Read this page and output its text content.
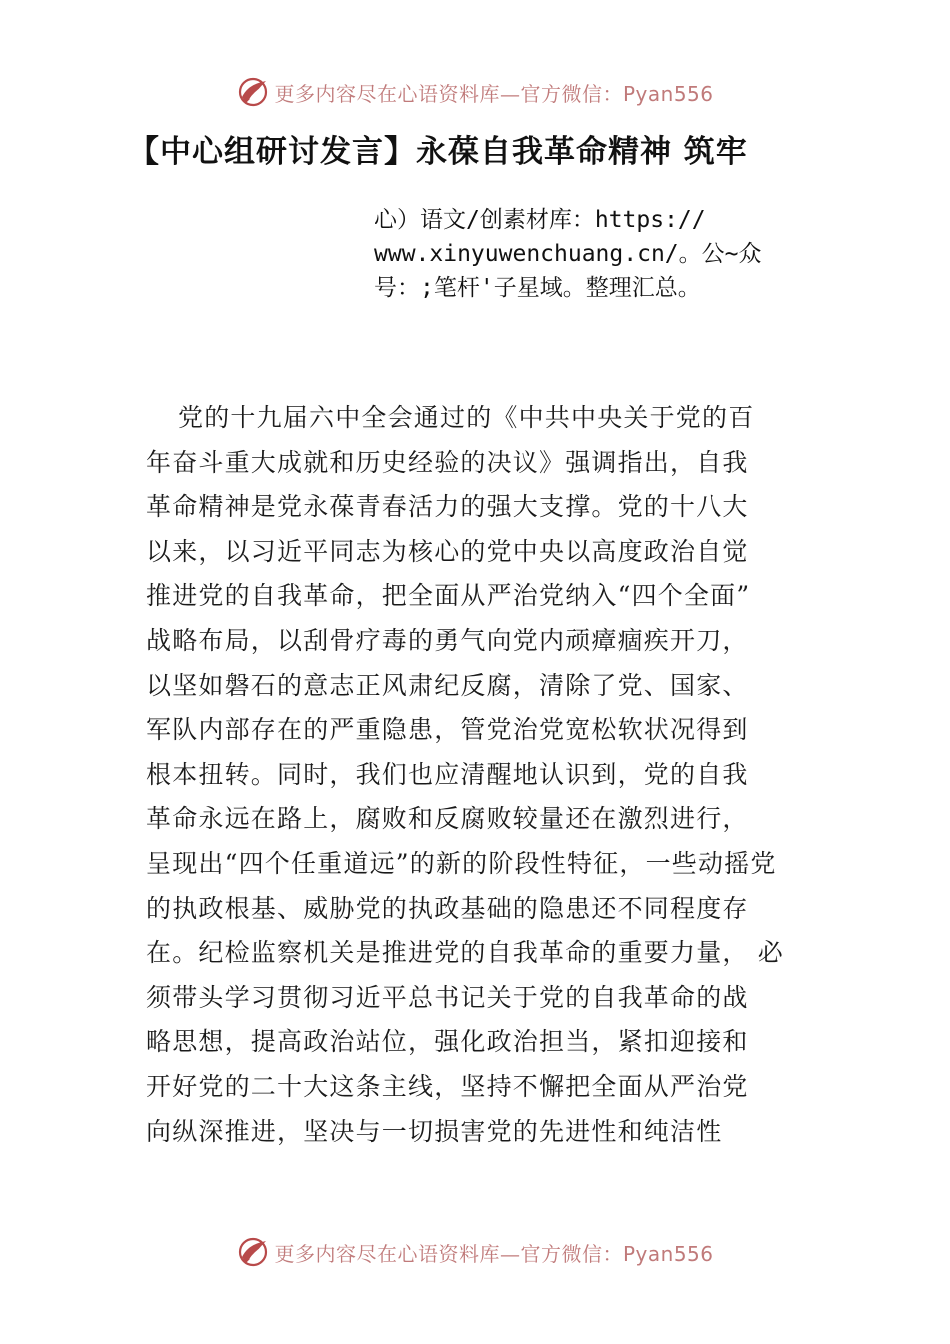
更多内容尽在心语资料库—官方微信：Pyan556
【中心组研讨发言】永葆自我革命精神 筑牢
心）语文/创素材库：https://
www.xinyuwenchuang.cn/。公~众
号：;笔杆'子星域。整理汇总。
党的十九届六中全会通过的《中共中央关于党的百
年奋斗重大成就和历史经验的决议》强调指出，自我
革命精神是党永葆青春活力的强大支撑。党的十八大
以来，以习近平同志为核心的党中央以高度政治自觉
推进党的自我革命，把全面从严治党纳入“四个全面”
战略布局，以刮骨疗毒的勇气向党内顽瘴痼疾开刀，
以坚如磐石的意志正风肃纪反腐，清除了党、国家、
军队内部存在的严重隐患，管党治党宽松软状况得到
根本扭转。同时，我们也应清醒地认识到，党的自我
革命永远在路上，腐败和反腐败较量还在激烈进行，
呈现出“四个任重道远”的新的阶段性特征，一些动摇党
的执政根基、威胁党的执政基础的隐患还不同程度存
在。纪检监察机关是推进党的自我革命的重要力量， 必
须带头学习贯彻习近平总书记关于党的自我革命的战
略思想，提高政治站位，强化政治担当，紧扣迎接和
开好党的二十大这条主线，坚持不懈把全面从严治党
向纵深推进，坚决与一切损害党的先进性和纯洁性
更多内容尽在心语资料库—官方微信：Pyan556
